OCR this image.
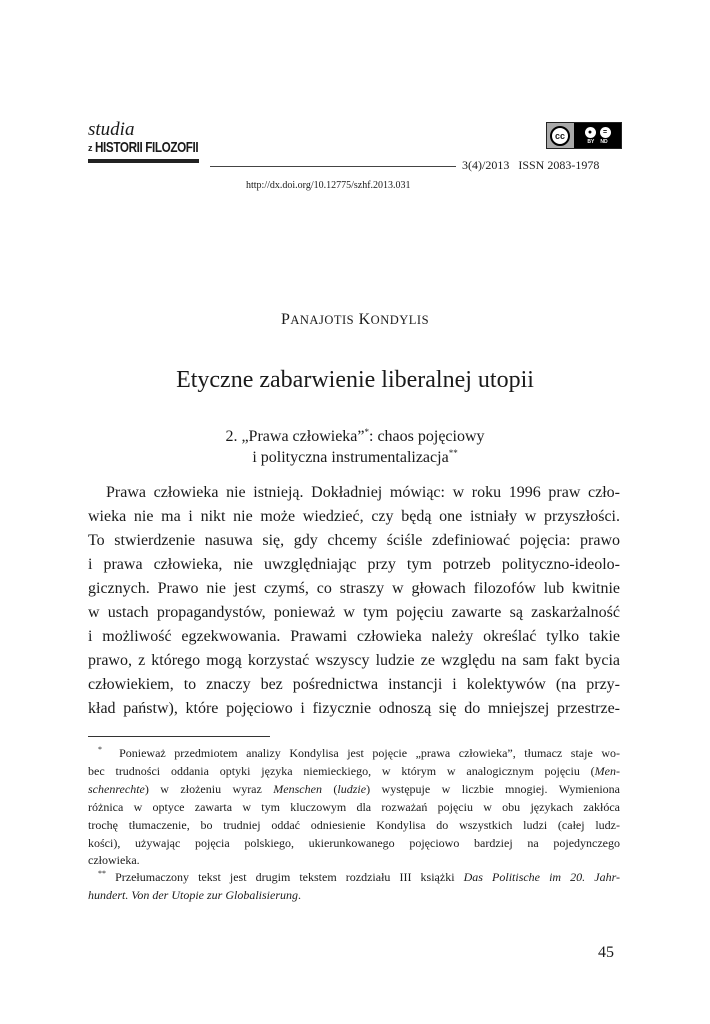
studia
z HISTORII FILOZOFII
cc	●	=
BY ND
3(4)/2013 ISSN 2083-1978
http://dx.doi.org/10.12775/szhf.2013.031
PANAJOTIS KONDYLIS
Etyczne zabarwienie liberalnej utopii
2. „Prawa człowieka”*: chaos pojęciowy
i polityczna instrumentalizacja**
Prawa człowieka nie istnieją. Dokładniej mówiąc: w roku 1996 praw czło-
wieka nie ma i nikt nie może wiedzieć, czy będą one istniały w przyszłości.
To stwierdzenie nasuwa się, gdy chcemy ściśle zdefiniować pojęcia: prawo
i prawa człowieka, nie uwzględniając przy tym potrzeb polityczno-ideolo-
gicznych. Prawo nie jest czymś, co straszy w głowach filozofów lub kwitnie
w ustach propagandystów, ponieważ w tym pojęciu zawarte są zaskarżalność
i możliwość egzekwowania. Prawami człowieka należy określać tylko takie
prawo, z którego mogą korzystać wszyscy ludzie ze względu na sam fakt bycia
człowiekiem, to znaczy bez pośrednictwa instancji i kolektywów (na przy-
kład państw), które pojęciowo i fizycznie odnoszą się do mniejszej przestrze-
* Ponieważ przedmiotem analizy Kondylisa jest pojęcie „prawa człowieka”, tłumacz staje wo-
bec trudności oddania optyki języka niemieckiego, w którym w analogicznym pojęciu (Men-
schenrechte) w złożeniu wyraz Menschen (ludzie) występuje w liczbie mnogiej. Wymieniona
różnica w optyce zawarta w tym kluczowym dla rozważań pojęciu w obu językach zakłóca
trochę tłumaczenie, bo trudniej oddać odniesienie Kondylisa do wszystkich ludzi (całej ludz-
kości), używając pojęcia polskiego, ukierunkowanego pojęciowo bardziej na pojedynczego
człowieka.
** Przełumaczony tekst jest drugim tekstem rozdziału III książki Das Politische im 20. Jahr-
hundert. Von der Utopie zur Globalisierung.
45
